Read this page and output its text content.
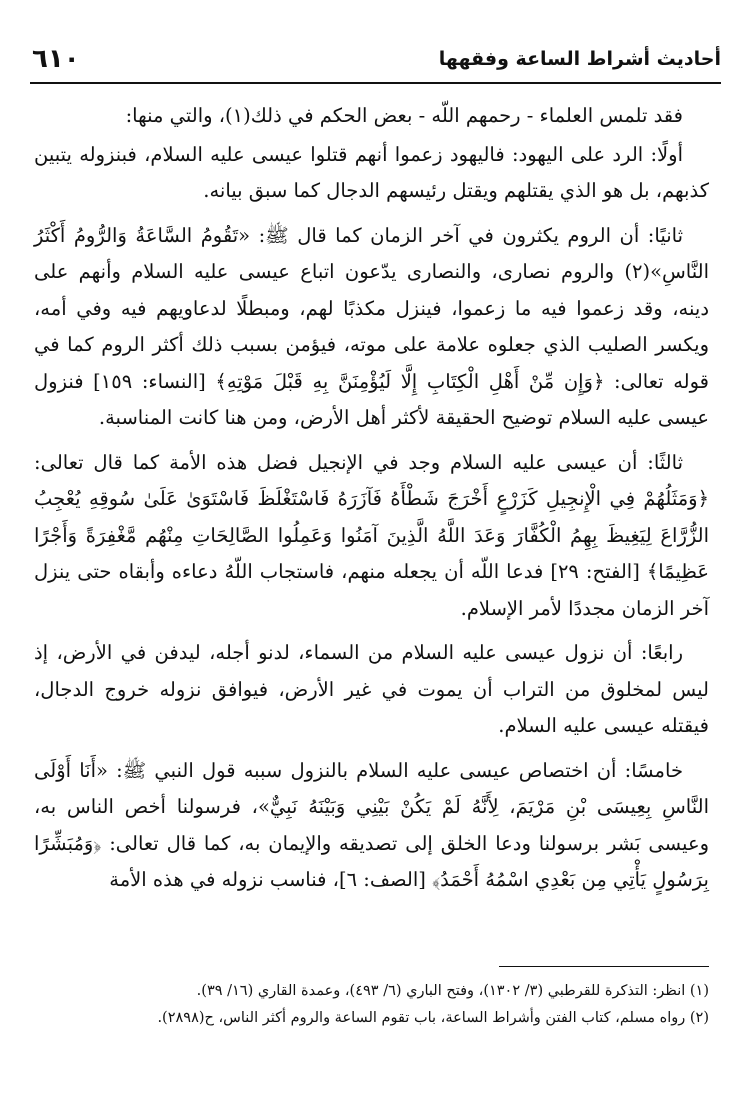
أحاديث أشراط الساعة وفقهها
٦١٠

فقد تلمس العلماء - رحمهم اللّه - بعض الحكم في ذلك(١)، والتي منها:

أولًا: الرد على اليهود: فاليهود زعموا أنهم قتلوا عيسى عليه السلام، فبنزوله يتبين كذبهم، بل هو الذي يقتلهم ويقتل رئيسهم الدجال كما سبق بيانه.

ثانيًا: أن الروم يكثرون في آخر الزمان كما قال ﷺ: «تَقُومُ السَّاعَةُ وَالرُّومُ أَكْثَرُ النَّاسِ»(٢) والروم نصارى، والنصارى يدّعون اتباع عيسى عليه السلام وأنهم على دينه، وقد زعموا فيه ما زعموا، فينزل مكذبًا لهم، ومبطلًا لدعاويهم فيه وفي أمه، ويكسر الصليب الذي جعلوه علامة على موته، فيؤمن بسبب ذلك أكثر الروم كما في قوله تعالى: ﴿وَإِن مِّنْ أَهْلِ الْكِتَابِ إِلَّا لَيُؤْمِنَنَّ بِهِ قَبْلَ مَوْتِهِ﴾ [النساء: ١٥٩] فنزول عيسى عليه السلام توضيح الحقيقة لأكثر أهل الأرض، ومن هنا كانت المناسبة.

ثالثًا: أن عيسى عليه السلام وجد في الإنجيل فضل هذه الأمة كما قال تعالى: ﴿وَمَثَلُهُمْ فِي الْإِنجِيلِ كَزَرْعٍ أَخْرَجَ شَطْأَهُ فَآزَرَهُ فَاسْتَغْلَظَ فَاسْتَوَىٰ عَلَىٰ سُوقِهِ يُعْجِبُ الزُّرَّاعَ لِيَغِيظَ بِهِمُ الْكُفَّارَ وَعَدَ اللَّهُ الَّذِينَ آمَنُوا وَعَمِلُوا الصَّالِحَاتِ مِنْهُم مَّغْفِرَةً وَأَجْرًا عَظِيمًا﴾ [الفتح: ٢٩] فدعا اللّه أن يجعله منهم، فاستجاب اللّهُ دعاءه وأبقاه حتى ينزل آخر الزمان مجددًا لأمر الإسلام.

رابعًا: أن نزول عيسى عليه السلام من السماء، لدنو أجله، ليدفن في الأرض، إذ ليس لمخلوق من التراب أن يموت في غير الأرض، فيوافق نزوله خروج الدجال، فيقتله عيسى عليه السلام.

خامسًا: أن اختصاص عيسى عليه السلام بالنزول سببه قول النبي ﷺ: «أَنَا أَوْلَى النَّاسِ بِعِيسَى بْنِ مَرْيَمَ، لِأَنَّهُ لَمْ يَكُنْ بَيْنِي وَبَيْنَهُ نَبِيٌّ»، فرسولنا أخص الناس به، وعيسى بَشر برسولنا ودعا الخلق إلى تصديقه والإيمان به، كما قال تعالى: ﴿وَمُبَشِّرًا بِرَسُولٍ يَأْتِي مِن بَعْدِي اسْمُهُ أَحْمَدُ﴾ [الصف: ٦]، فناسب نزوله في هذه الأمة

(١) انظر: التذكرة للقرطبي (٣/ ١٣٠٢)، وفتح الباري (٦/ ٤٩٣)، وعمدة القاري (١٦/ ٣٩).

(٢) رواه مسلم، كتاب الفتن وأشراط الساعة، باب تقوم الساعة والروم أكثر الناس، ح(٢٨٩٨).
